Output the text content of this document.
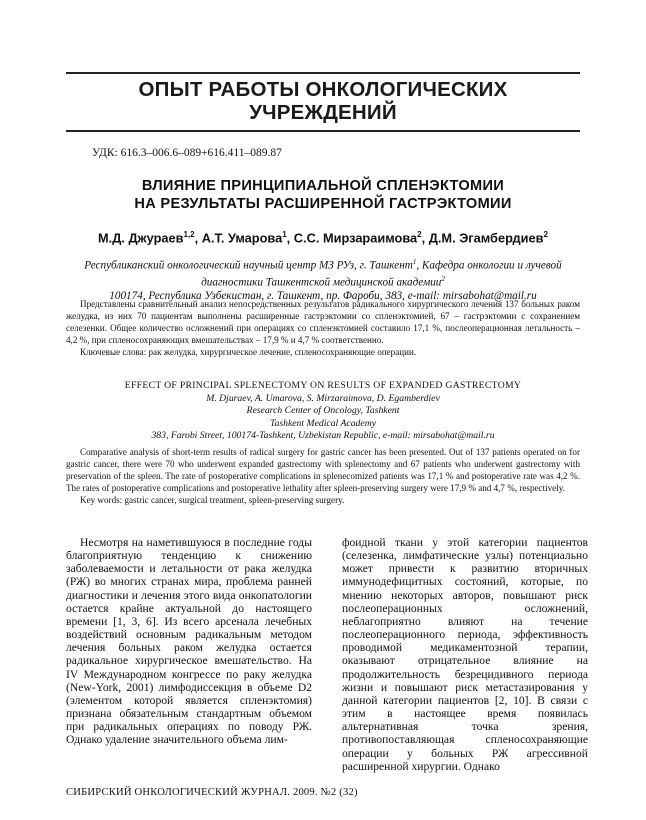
ОПЫТ РАБОТЫ ОНКОЛОГИЧЕСКИХ УЧРЕЖДЕНИЙ
УДК: 616.3–006.6–089+616.411–089.87
ВЛИЯНИЕ ПРИНЦИПИАЛЬНОЙ СПЛЕНЭКТОМИИ
НА РЕЗУЛЬТАТЫ РАСШИРЕННОЙ ГАСТРЭКТОМИИ
М.Д. Джураев$^{1,2}$, А.Т. Умарова$^1$, С.С. Мирзараимова$^2$, Д.М. Эгамбердиев$^2$
Республиканский онкологический научный центр МЗ РУз, г. Ташкент$^1$, Кафедра онкологии и лучевой диагностики Ташкентской медицинской академии$^2$
100174, Республика Узбекистан, г. Ташкент, пр. Фароби, 383, e-mail: mirsabohat@mail.ru

Представлены сравнительный анализ непосредственных результатов радикального хирургического лечения 137 больных раком желудка, из них 70 пациентам выполнены расширенные гастрэктомии со спленэктомией, 67 – гастрэктомии с сохранением селезенки. Общее количество осложнений при операциях со спленэктомией составило 17,1 %, послеоперационная летальность – 4,2 %, при спленосохраняющих вмешательствах – 17,9 % и 4,7 % соответственно.

Ключевые слова: рак желудка, хирургическое лечение, спленосохраняющие операции.

EFFECT OF PRINCIPAL SPLENECTOMY ON RESULTS OF EXPANDED GASTRECTOMY
M. Djuraev, A. Umarova, S. Mirzaraimova, D. Egamberdiev
Research Center of Oncology, Tashkent
Tashkent Medical Academy
383, Farobi Street, 100174-Tashkent, Uzbekistan Republic, e-mail: mirsabohat@mail.ru

Comparative analysis of short-term results of radical surgery for gastric cancer has been presented. Out of 137 patients operated on for gastric cancer, there were 70 who underwent expanded gastrectomy with splenectomy and 67 patients who underwent gastrectomy with preservation of the spleen. The rate of postoperative complications in splenecomized patients was 17,1 % and postoperative rate was 4,2 %. The rates of postoperative complications and postoperative lethality after spleen-preserving surgery were 17,9 % and 4,7 %, respectively.

Key words: gastric cancer, surgical treatment, spleen-preserving surgery.

Несмотря на наметившуюся в последние годы благоприятную тенденцию к снижению заболеваемости и летальности от рака желудка (РЖ) во многих странах мира, проблема ранней диагностики и лечения этого вида онкопатологии остается крайне актуальной до настоящего времени [1, 3, 6]. Из всего арсенала лечебных воздействий основным радикальным методом лечения больных раком желудка остается радикальное хирургическое вмешательство. На IV Международном конгрессе по раку желудка (New-York, 2001) лимфодиссекция в объеме D2 (элементом которой является спленэктомия) признана обязательным стандартным объемом при радикальных операциях по поводу РЖ. Однако удаление значительного объема лим-

фоидной ткани у этой категории пациентов (селезенка, лимфатические узлы) потенциально может привести к развитию вторичных иммунодефицитных состояний, которые, по мнению некоторых авторов, повышают риск послеоперационных осложнений, неблагоприятно влияют на течение послеоперационного периода, эффективность проводимой медикаментозной терапии, оказывают отрицательное влияние на продолжительность безрецидивного периода жизни и повышают риск метастазирования у данной категории пациентов [2, 10]. В связи с этим в настоящее время появилась альтернативная точка зрения, противопоставляющая спленосохраняющие операции у больных РЖ агрессивной расширенной хирургии. Однако

СИБИРСКИЙ ОНКОЛОГИЧЕСКИЙ ЖУРНАЛ. 2009. №2 (32)
